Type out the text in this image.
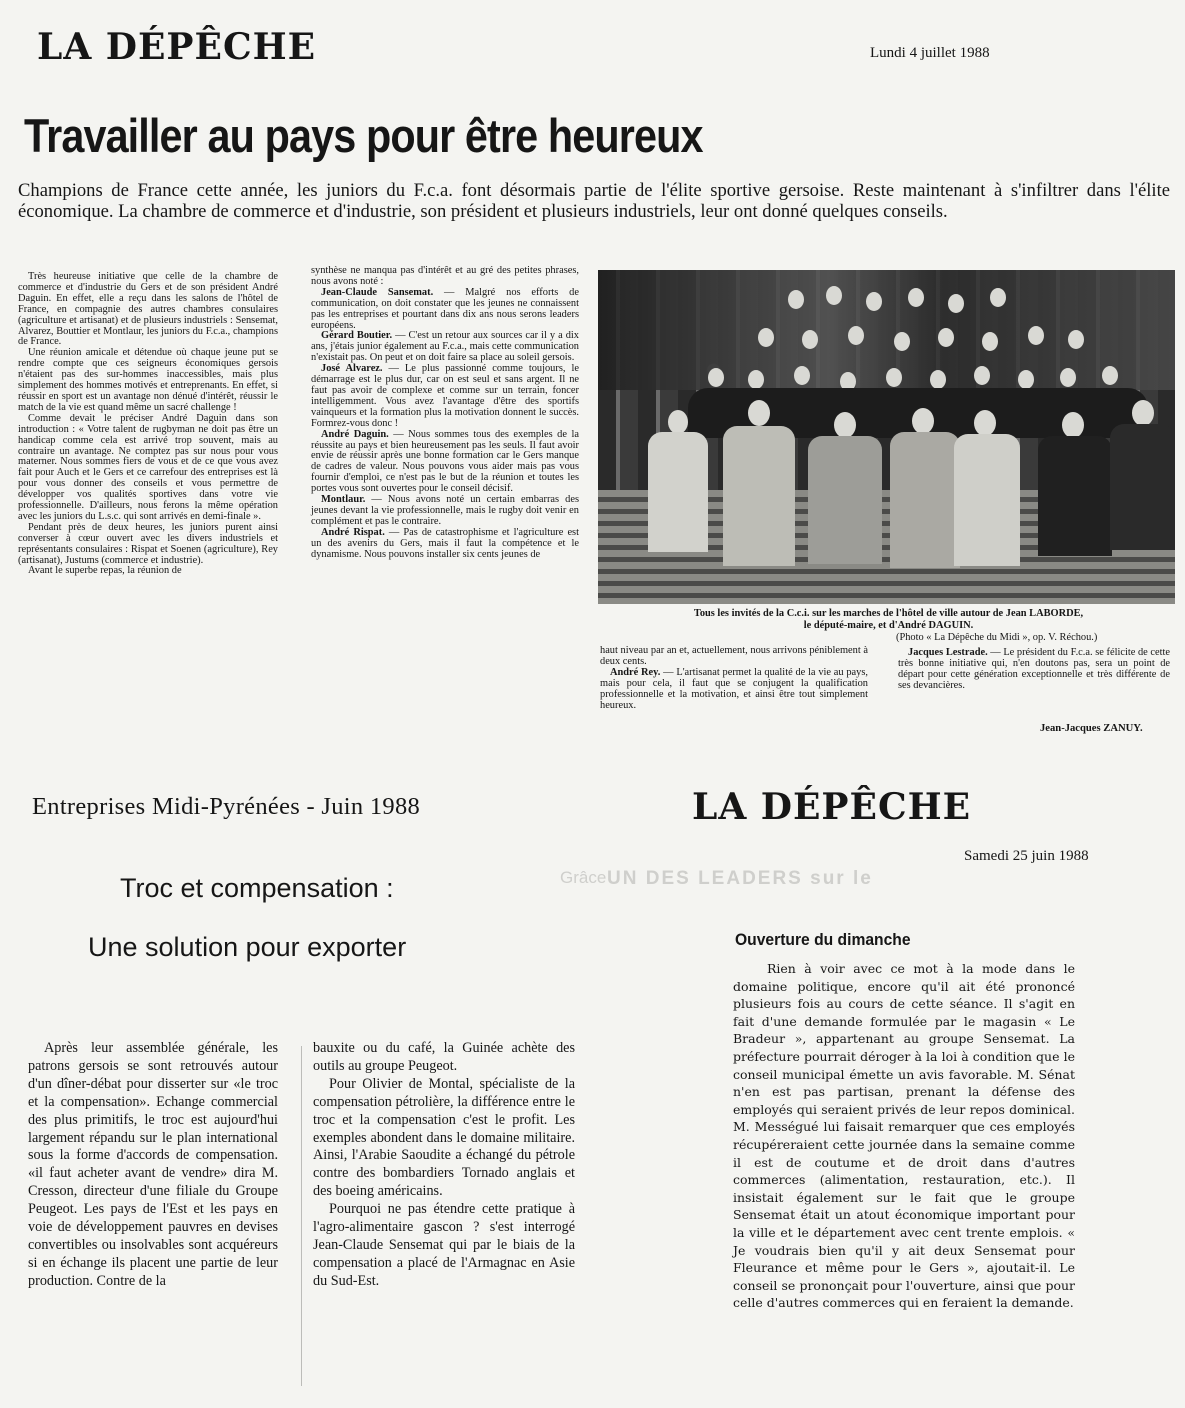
UN DES LEADERS sur le
Grâce
LA DÉPÊCHE	Lundi 4 juillet 1988
Travailler au pays pour être heureux

Champions de France cette année, les juniors du F.c.a. font désormais partie de l'élite sportive gersoise. Reste maintenant à s'infiltrer dans l'élite économique. La chambre de commerce et d'industrie, son président et plusieurs industriels, leur ont donné quelques conseils.

Très heureuse initiative que celle de la chambre de commerce et d'industrie du Gers et de son président André Daguin. En effet, elle a reçu dans les salons de l'hôtel de France, en compagnie des autres chambres consulaires (agriculture et artisanat) et de plusieurs industriels : Sensemat, Alvarez, Bouttier et Montlaur, les juniors du F.c.a., champions de France.

Une réunion amicale et détendue où chaque jeune put se rendre compte que ces seigneurs économiques gersois n'étaient pas des sur-hommes inaccessibles, mais plus simplement des hommes motivés et entreprenants. En effet, si réussir en sport est un avantage non dénué d'intérêt, réussir le match de la vie est quand même un sacré challenge !

Comme devait le préciser André Daguin dans son introduction : « Votre talent de rugbyman ne doit pas être un handicap comme cela est arrivé trop souvent, mais au contraire un avantage. Ne comptez pas sur nous pour vous materner. Nous sommes fiers de vous et de ce que vous avez fait pour Auch et le Gers et ce carrefour des entreprises est là pour vous donner des conseils et vous permettre de développer vos qualités sportives dans votre vie professionnelle. D'ailleurs, nous ferons la même opération avec les juniors du L.s.c. qui sont arrivés en demi-finale ».

Pendant près de deux heures, les juniors purent ainsi converser à cœur ouvert avec les divers industriels et représentants consulaires : Rispat et Soenen (agriculture), Rey (artisanat), Justums (commerce et industrie).

Avant le superbe repas, la réunion de

synthèse ne manqua pas d'intérêt et au gré des petites phrases, nous avons noté :

Jean-Claude Sansemat. — Malgré nos efforts de communication, on doit constater que les jeunes ne connaissent pas les entreprises et pourtant dans dix ans nous serons leaders européens.

Gérard Boutier. — C'est un retour aux sources car il y a dix ans, j'étais junior également au F.c.a., mais cette communication n'existait pas. On peut et on doit faire sa place au soleil gersois.

José Alvarez. — Le plus passionné comme toujours, le démarrage est le plus dur, car on est seul et sans argent. Il ne faut pas avoir de complexe et comme sur un terrain, foncer intelligemment. Vous avez l'avantage d'être des sportifs vainqueurs et la formation plus la motivation donnent le succès. Formrez-vous donc !

André Daguin. — Nous sommes tous des exemples de la réussite au pays et bien heureusement pas les seuls. Il faut avoir envie de réussir après une bonne formation car le Gers manque de cadres de valeur. Nous pouvons vous aider mais pas vous fournir d'emploi, ce n'est pas le but de la réunion et toutes les portes vous sont ouvertes pour le conseil décisif.

Montlaur. — Nous avons noté un certain embarras des jeunes devant la vie professionnelle, mais le rugby doit venir en complément et pas le contraire.

André Rispat. — Pas de catastrophisme et l'agriculture est un des avenirs du Gers, mais il faut la compétence et le dynamisme. Nous pouvons installer six cents jeunes de

Tous les invités de la C.c.i. sur les marches de l'hôtel de ville autour de Jean LABORDE,
le député-maire, et d'André DAGUIN.
(Photo « La Dépêche du Midi », op. V. Réchou.)

haut niveau par an et, actuellement, nous arrivons péniblement à deux cents.

André Rey. — L'artisanat permet la qualité de la vie au pays, mais pour cela, il faut que se conjugent la qualification professionnelle et la motivation, et ainsi être tout simplement heureux.

Jacques Lestrade. — Le président du F.c.a. se félicite de cette très bonne initiative qui, n'en doutons pas, sera un point de départ pour cette génération exceptionnelle et très différente de ses devancières.

Jean-Jacques ZANUY.
Entreprises Midi-Pyrénées - Juin 1988
Troc et compensation :
Une solution pour exporter

Après leur assemblée générale, les patrons gersois se sont retrouvés autour d'un dîner-débat pour disserter sur «le troc et la compensation». Echange commercial des plus primitifs, le troc est aujourd'hui largement répandu sur le plan international sous la forme d'accords de compensation. «il faut acheter avant de vendre» dira M. Cresson, directeur d'une filiale du Groupe Peugeot. Les pays de l'Est et les pays en voie de développement pauvres en devises convertibles ou insolvables sont acquéreurs si en échange ils placent une partie de leur production. Contre de la

bauxite ou du café, la Guinée achète des outils au groupe Peugeot.

Pour Olivier de Montal, spécialiste de la compensation pétrolière, la différence entre le troc et la compensation c'est le profit. Les exemples abondent dans le domaine militaire. Ainsi, l'Arabie Saoudite a échangé du pétrole contre des bombardiers Tornado anglais et des boeing américains.

Pourquoi ne pas étendre cette pratique à l'agro-alimentaire gascon ? s'est interrogé Jean-Claude Sensemat qui par le biais de la compensation a placé de l'Armagnac en Asie du Sud-Est.

LA DÉPÊCHE
Samedi 25 juin 1988
Ouverture du dimanche

Rien à voir avec ce mot à la mode dans le domaine politique, encore qu'il ait été prononcé plusieurs fois au cours de cette séance. Il s'agit en fait d'une demande formulée par le magasin « Le Bradeur », appartenant au groupe Sensemat. La préfecture pourrait déroger à la loi à condition que le conseil municipal émette un avis favorable. M. Sénat n'en est pas partisan, prenant la défense des employés qui seraient privés de leur repos dominical. M. Mességué lui faisait remarquer que ces employés récupéreraient cette journée dans la semaine comme il est de coutume et de droit dans d'autres commerces (alimentation, restauration, etc.). Il insistait également sur le fait que le groupe Sensemat était un atout économique important pour la ville et le département avec cent trente emplois. « Je voudrais bien qu'il y ait deux Sensemat pour Fleurance et même pour le Gers », ajoutait-il. Le conseil se prononçait pour l'ouverture, ainsi que pour celle d'autres commerces qui en feraient la demande.
